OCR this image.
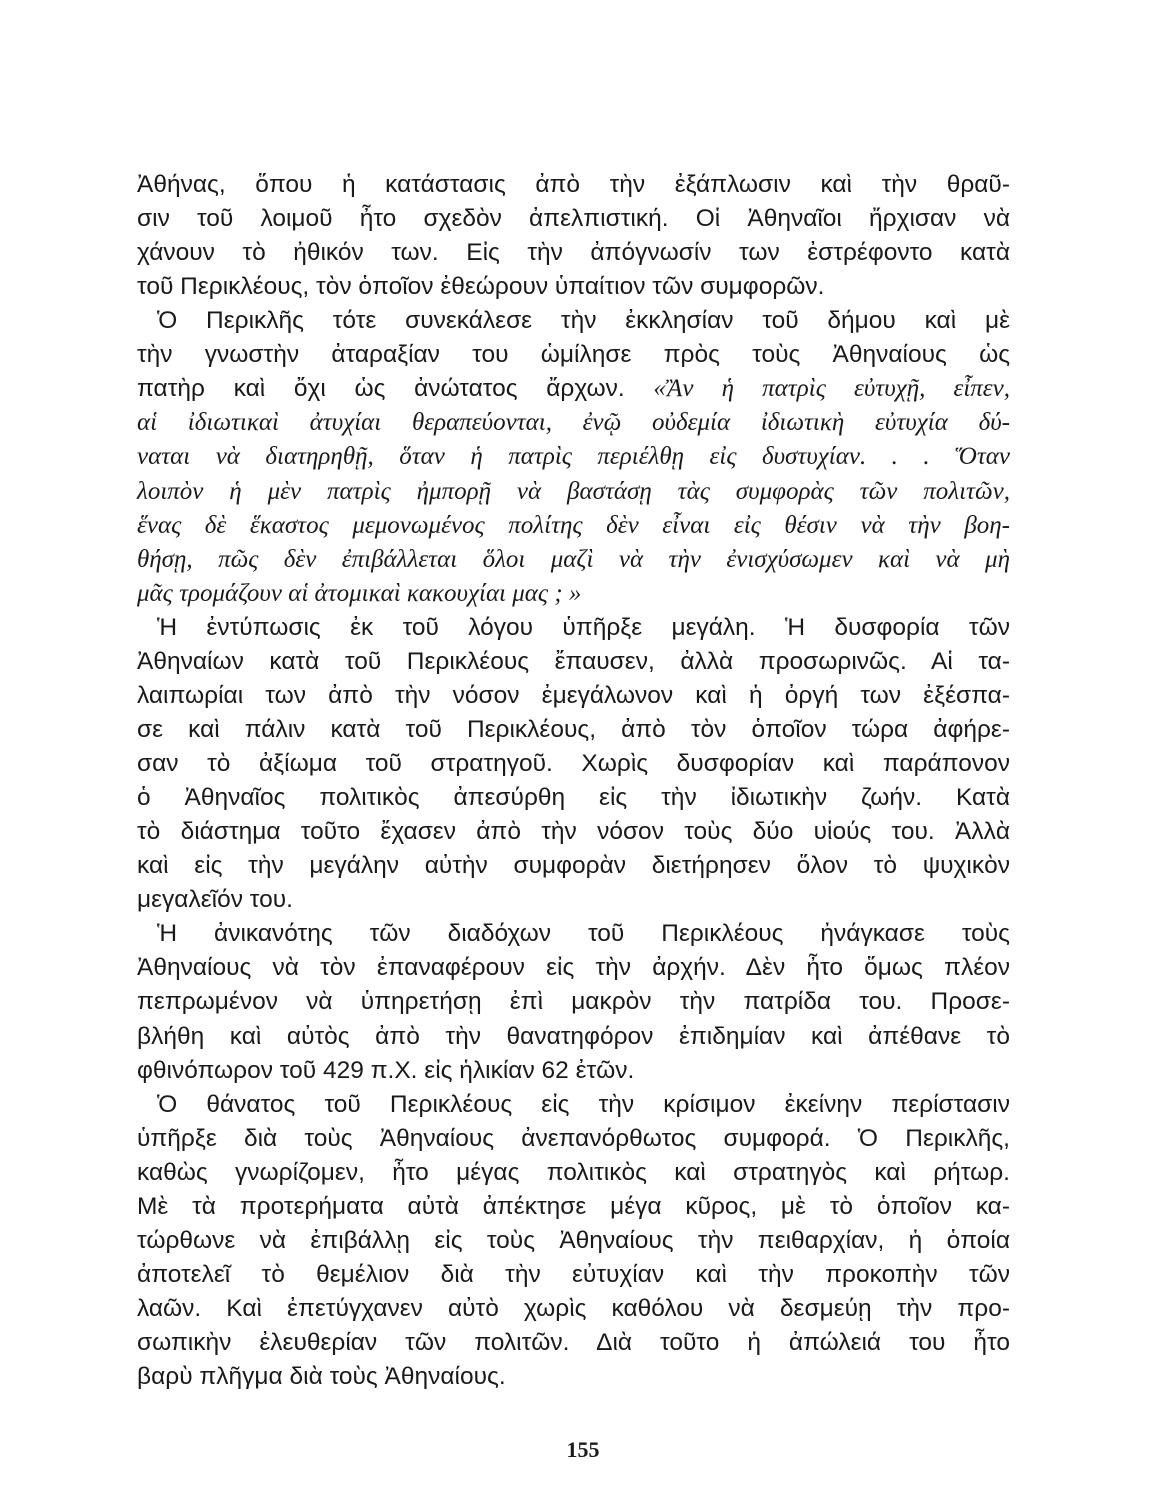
Ἀθήνας, ὅπου ἡ κατάστασις ἀπὸ τὴν ἐξάπλωσιν καὶ τὴν θραῦ-
σιν τοῦ λοιμοῦ ἦτο σχεδὸν ἀπελπιστική. Οἱ Ἀθηναῖοι ἤρχισαν νὰ
χάνουν τὸ ἠθικόν των. Εἰς τὴν ἀπόγνωσίν των ἐστρέφοντο κατὰ
τοῦ Περικλέους, τὸν ὁποῖον ἐθεώρουν ὑπαίτιον τῶν συμφορῶν.
Ὁ Περικλῆς τότε συνεκάλεσε τὴν ἐκκλησίαν τοῦ δήμου καὶ μὲ
τὴν γνωστὴν ἀταραξίαν του ὡμίλησε πρὸς τοὺς Ἀθηναίους ὡς
πατὴρ καὶ ὄχι ὡς ἀνώτατος ἄρχων. «Ἂν ἡ πατρὶς εὐτυχῇ, εἶπεν,
αἱ ἰδιωτικαὶ ἀτυχίαι θεραπεύονται, ἐνῷ οὐδεμία ἰδιωτικὴ εὐτυχία δύ-
ναται νὰ διατηρηθῇ, ὅταν ἡ πατρὶς περιέλθῃ εἰς δυστυχίαν. . . Ὅταν
λοιπὸν ἡ μὲν πατρὶς ἠμπορῇ νὰ βαστάσῃ τὰς συμφορὰς τῶν πολιτῶν,
ἕνας δὲ ἕκαστος μεμονωμένος πολίτης δὲν εἶναι εἰς θέσιν νὰ τὴν βοη-
θήσῃ, πῶς δὲν ἐπιβάλλεται ὅλοι μαζὶ νὰ τὴν ἐνισχύσωμεν καὶ νὰ μὴ
μᾶς τρομάζουν αἱ ἀτομικαὶ κακουχίαι μας ; »
Ἡ ἐντύπωσις ἐκ τοῦ λόγου ὑπῆρξε μεγάλη. Ἡ δυσφορία τῶν
Ἀθηναίων κατὰ τοῦ Περικλέους ἔπαυσεν, ἀλλὰ προσωρινῶς. Αἱ τα-
λαιπωρίαι των ἀπὸ τὴν νόσον ἐμεγάλωνον καὶ ἡ ὀργή των ἐξέσπα-
σε καὶ πάλιν κατὰ τοῦ Περικλέους, ἀπὸ τὸν ὁποῖον τώρα ἀφήρε-
σαν τὸ ἀξίωμα τοῦ στρατηγοῦ. Χωρὶς δυσφορίαν καὶ παράπονον
ὁ Ἀθηναῖος πολιτικὸς ἀπεσύρθη εἰς τὴν ἰδιωτικὴν ζωήν. Κατὰ
τὸ διάστημα τοῦτο ἔχασεν ἀπὸ τὴν νόσον τοὺς δύο υἱούς του. Ἀλλὰ
καὶ εἰς τὴν μεγάλην αὐτὴν συμφορὰν διετήρησεν ὅλον τὸ ψυχικὸν
μεγαλεῖόν του.
Ἡ ἀνικανότης τῶν διαδόχων τοῦ Περικλέους ἠνάγκασε τοὺς
Ἀθηναίους νὰ τὸν ἐπαναφέρουν εἰς τὴν ἀρχήν. Δὲν ἦτο ὅμως πλέον
πεπρωμένον νὰ ὑπηρετήσῃ ἐπὶ μακρὸν τὴν πατρίδα του. Προσε-
βλήθη καὶ αὐτὸς ἀπὸ τὴν θανατηφόρον ἐπιδημίαν καὶ ἀπέθανε τὸ
φθινόπωρον τοῦ 429 π.Χ. εἰς ἡλικίαν 62 ἐτῶν.
Ὁ θάνατος τοῦ Περικλέους εἰς τὴν κρίσιμον ἐκείνην περίστασιν
ὑπῆρξε διὰ τοὺς Ἀθηναίους ἀνεπανόρθωτος συμφορά. Ὁ Περικλῆς,
καθὼς γνωρίζομεν, ἦτο μέγας πολιτικὸς καὶ στρατηγὸς καὶ ρήτωρ.
Μὲ τὰ προτερήματα αὐτὰ ἀπέκτησε μέγα κῦρος, μὲ τὸ ὁποῖον κα-
τώρθωνε νὰ ἐπιβάλλῃ εἰς τοὺς Ἀθηναίους τὴν πειθαρχίαν, ἡ ὁποία
ἀποτελεῖ τὸ θεμέλιον διὰ τὴν εὐτυχίαν καὶ τὴν προκοπὴν τῶν
λαῶν. Καὶ ἐπετύγχανεν αὐτὸ χωρὶς καθόλου νὰ δεσμεύῃ τὴν προ-
σωπικὴν ἐλευθερίαν τῶν πολιτῶν. Διὰ τοῦτο ἡ ἀπώλειά του ἦτο
βαρὺ πλῆγμα διὰ τοὺς Ἀθηναίους.
155
